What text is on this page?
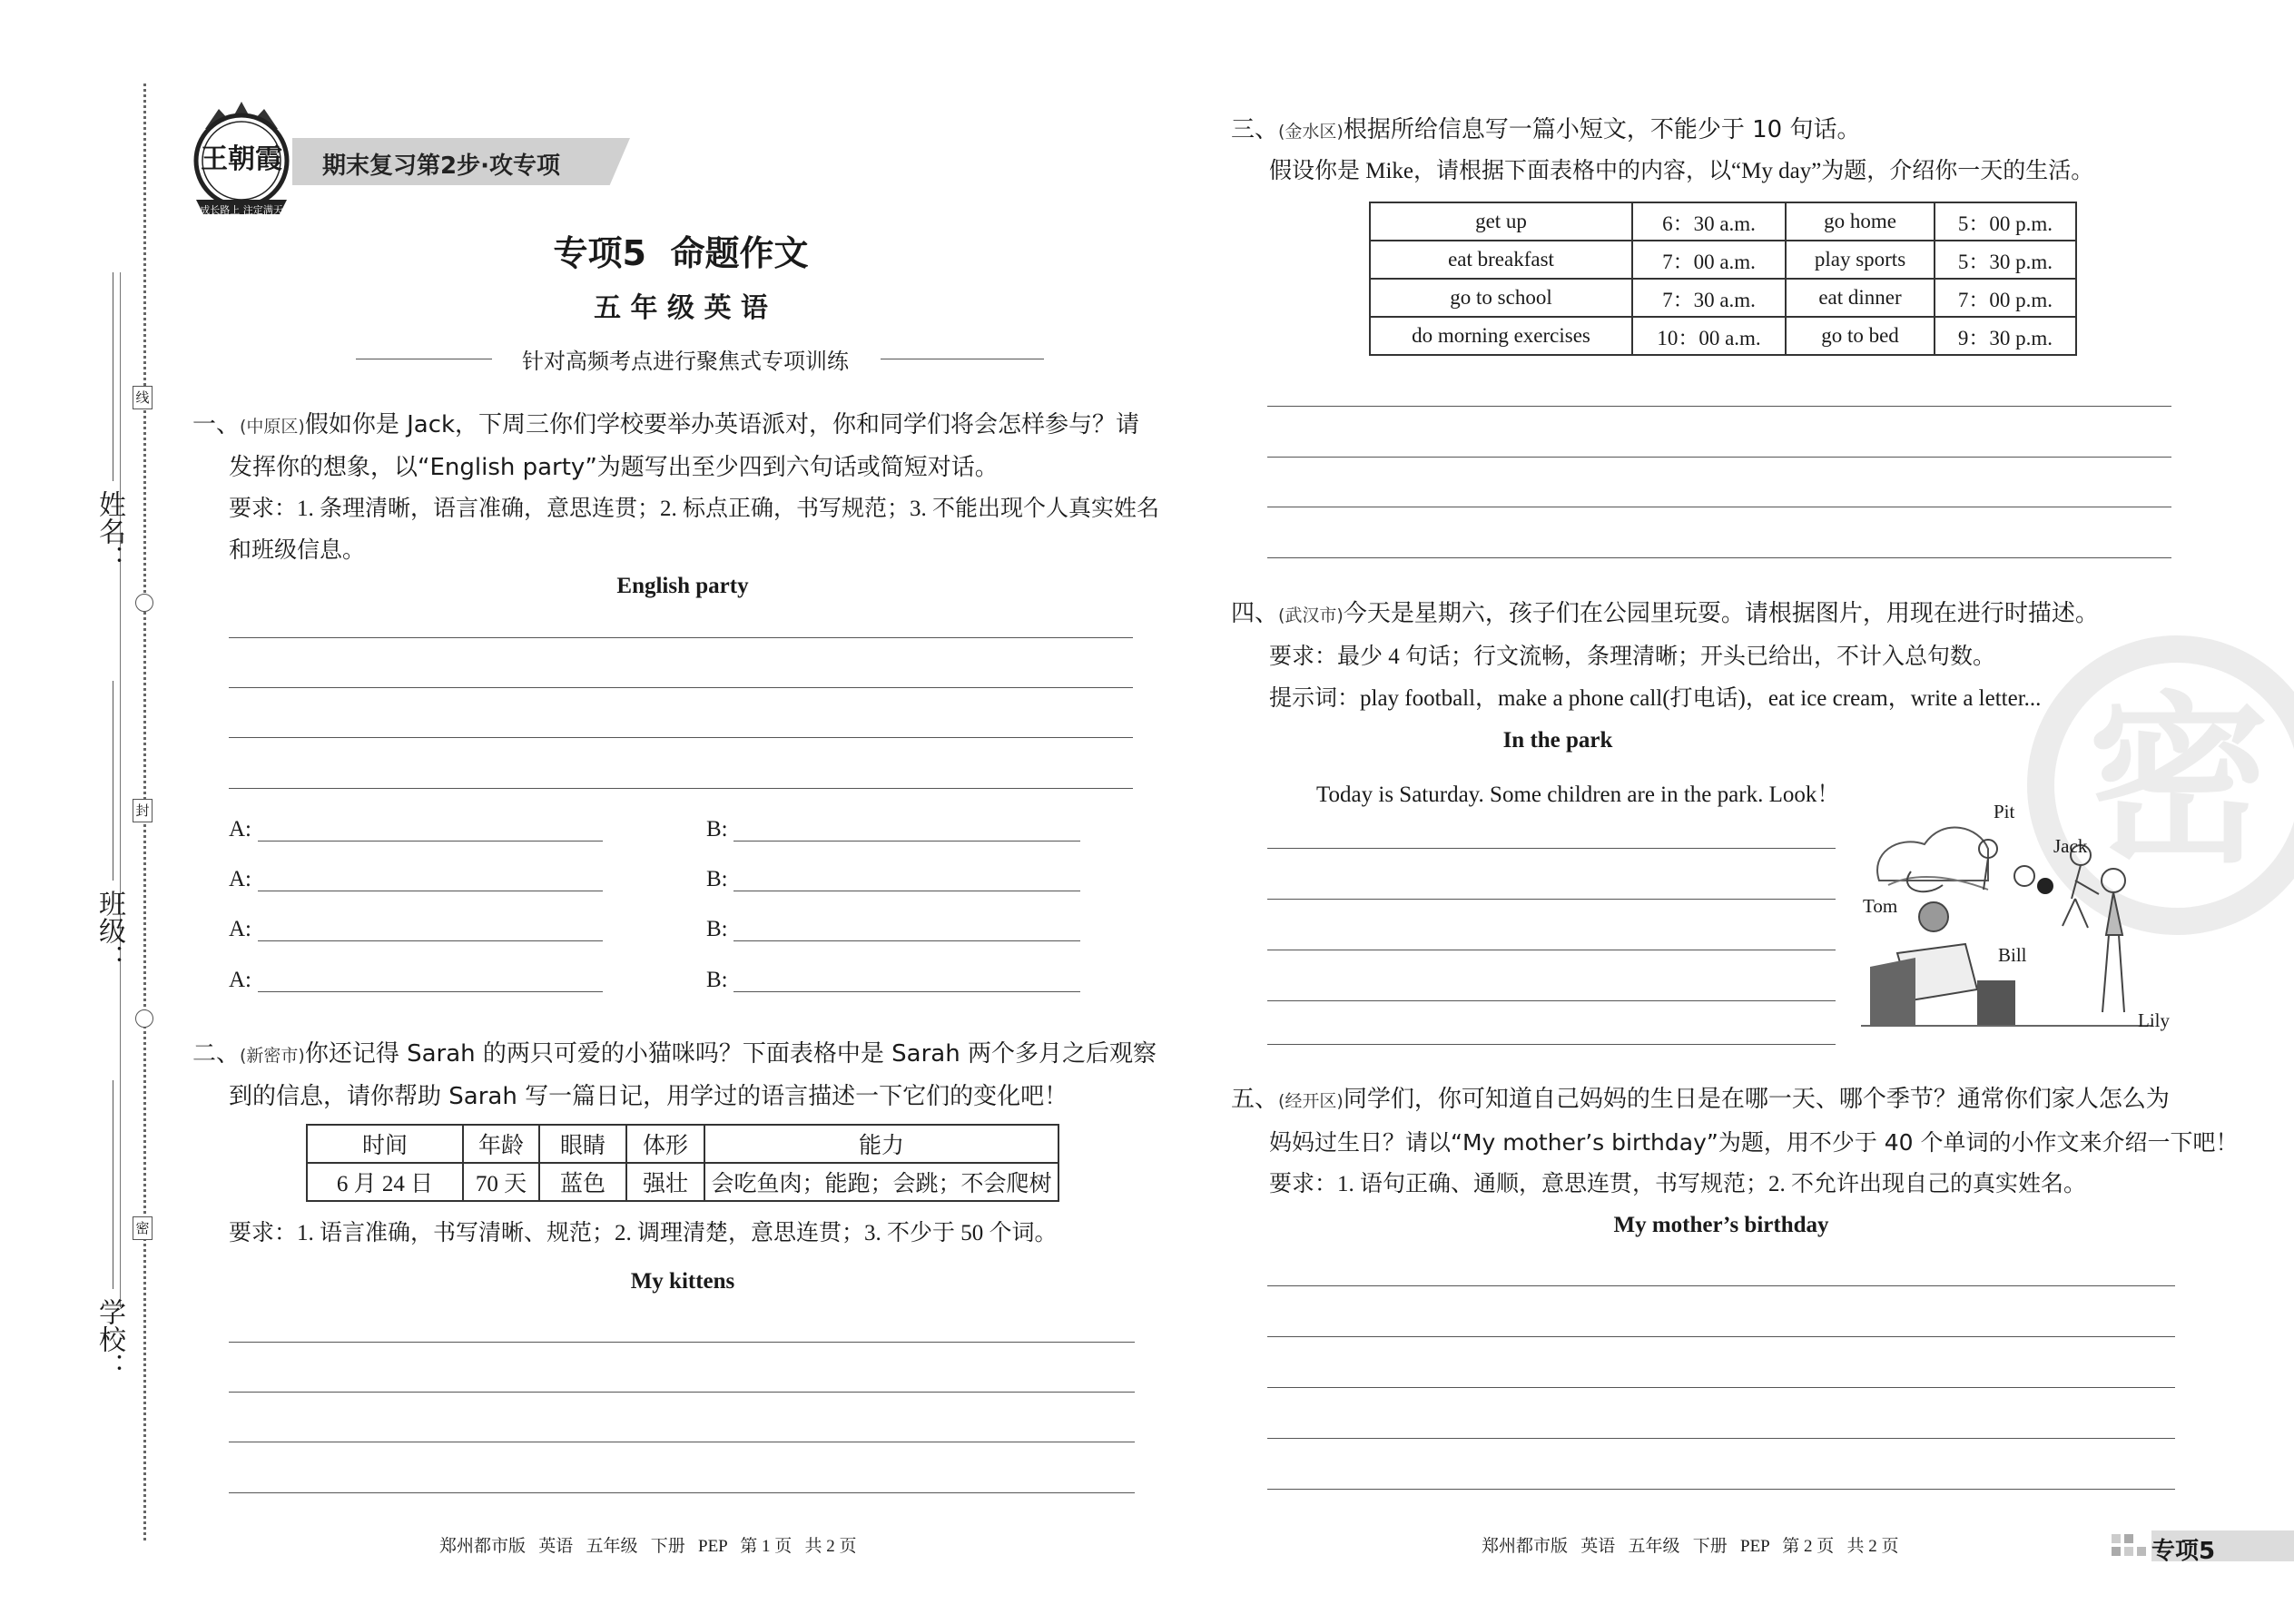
线
封
密
姓名：
班级：
学校：
王朝霞
成长路上 注定满天
期末复习第2步·攻专项
专项5  命题作文
五 年 级 英 语
针对高频考点进行聚焦式专项训练
一、(中原区)假如你是 Jack，下周三你们学校要举办英语派对，你和同学们将会怎样参与？请
发挥你的想象，以“English party”为题写出至少四到六句话或简短对话。
要求：1. 条理清晰，语言准确，意思连贯；2. 标点正确，书写规范；3. 不能出现个人真实姓名
和班级信息。
English party
A:	B:
A:	B:
A:	B:
A:	B:
二、(新密市)你还记得 Sarah 的两只可爱的小猫咪吗？下面表格中是 Sarah 两个多月之后观察
到的信息，请你帮助 Sarah 写一篇日记，用学过的语言描述一下它们的变化吧！
时间	年龄	眼睛	体形	能力
6 月 24 日	70 天	蓝色	强壮	会吃鱼肉；能跑；会跳；不会爬树
要求：1. 语言准确，书写清晰、规范；2. 调理清楚，意思连贯；3. 不少于 50 个词。
My kittens
郑州都市版   英语   五年级   下册   PEP   第 1 页   共 2 页
密
三、(金水区)根据所给信息写一篇小短文，不能少于 10 句话。
假设你是 Mike，请根据下面表格中的内容，以“My day”为题，介绍你一天的生活。
get up	6：30 a.m.	go home	5：00 p.m.
eat breakfast	7：00 a.m.	play sports	5：30 p.m.
go to school	7：30 a.m.	eat dinner	7：00 p.m.
do morning exercises	10：00 a.m.	go to bed	9：30 p.m.
四、(武汉市)今天是星期六，孩子们在公园里玩耍。请根据图片，用现在进行时描述。
要求：最少 4 句话；行文流畅，条理清晰；开头已给出，不计入总句数。
提示词：play football，make a phone call(打电话)，eat ice cream，write a letter...
In the park
Today is Saturday. Some children are in the park. Look！
Pit
Jack
Tom
Bill
Lily
五、(经开区)同学们，你可知道自己妈妈的生日是在哪一天、哪个季节？通常你们家人怎么为
妈妈过生日？请以“My mother’s birthday”为题，用不少于 40 个单词的小作文来介绍一下吧！
要求：1. 语句正确、通顺，意思连贯，书写规范；2. 不允许出现自己的真实姓名。
My mother’s birthday
郑州都市版   英语   五年级   下册   PEP   第 2 页   共 2 页	专项5
